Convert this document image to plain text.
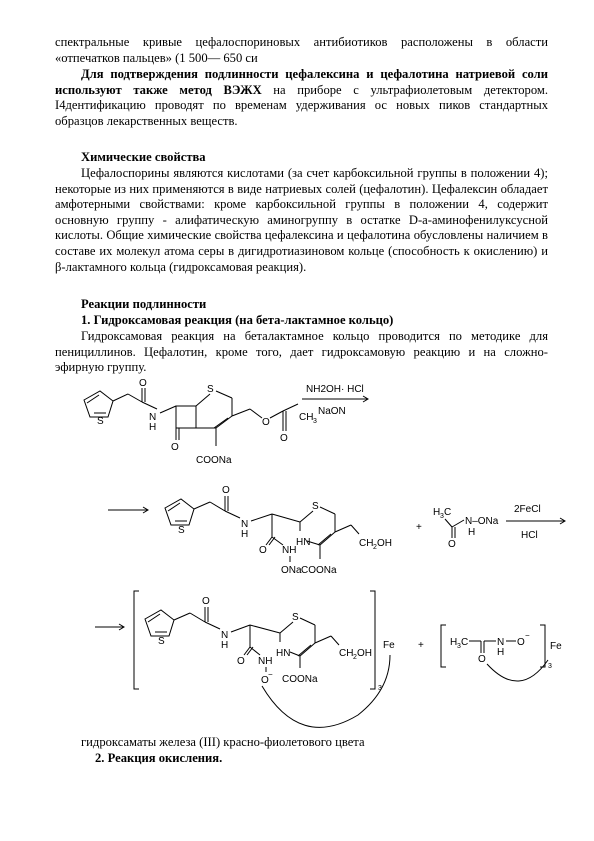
спектральные кривые цефалоспориновых антибиотиков расположены в области «отпечатков пальцев» (1 500— 650 си

Для подтверждения подлинности цефалексина и цефалотина натриевой соли используют также метод ВЭЖХ на приборе с ультрафиолетовым детектором. I4дентификацию проводят по временам удерживания ос новых пиков стандартных образцов лекарственных веществ.

Химические свойства

Цефалоспорины являются кислотами (за счет карбоксильной группы в положении 4); некоторые из них применяются в виде натриевых солей (цефалотин). Цефалексин обладает амфотерными свойствами: кроме карбоксильной группы в положении 4, содержит основную группу - алифатическую аминогруппу в остатке D-а-аминофенилуксусной кислоты. Общие химические свойства цефалексина и цефалотина обусловлены наличием в составе их молекул атома серы в дигидротиазиновом кольце (способность к окислению) и β-лактамного кольца (гидроксамовая реакция).

Реакции подлинности

1. Гидроксамовая реакция (на бета-лактамное кольцо)

Гидроксамовая реакция на беталактамное кольцо проводится по методике для пенициллинов. Цефалотин, кроме того, дает гидроксамовую реакцию и на сложно-эфирную группу.

гидроксаматы железа (III) красно-фиолетового цвета

2. Реакция окисления.

S
O
N
H
O
S
COONa
O
O
CH 3
NH2OH· HCl
NaON
S
O
N
H
O NH
ONa
S
HN
COONa
CH 2 OH
+
H 3 C
O
N–ONa
H
2FeCl
HCl
3
S
O
N
H
O NH
O
−
S
HN
COONa
CH 2 OH
Fe +
3
H 3 C
O
N
H
O
−
Fe
